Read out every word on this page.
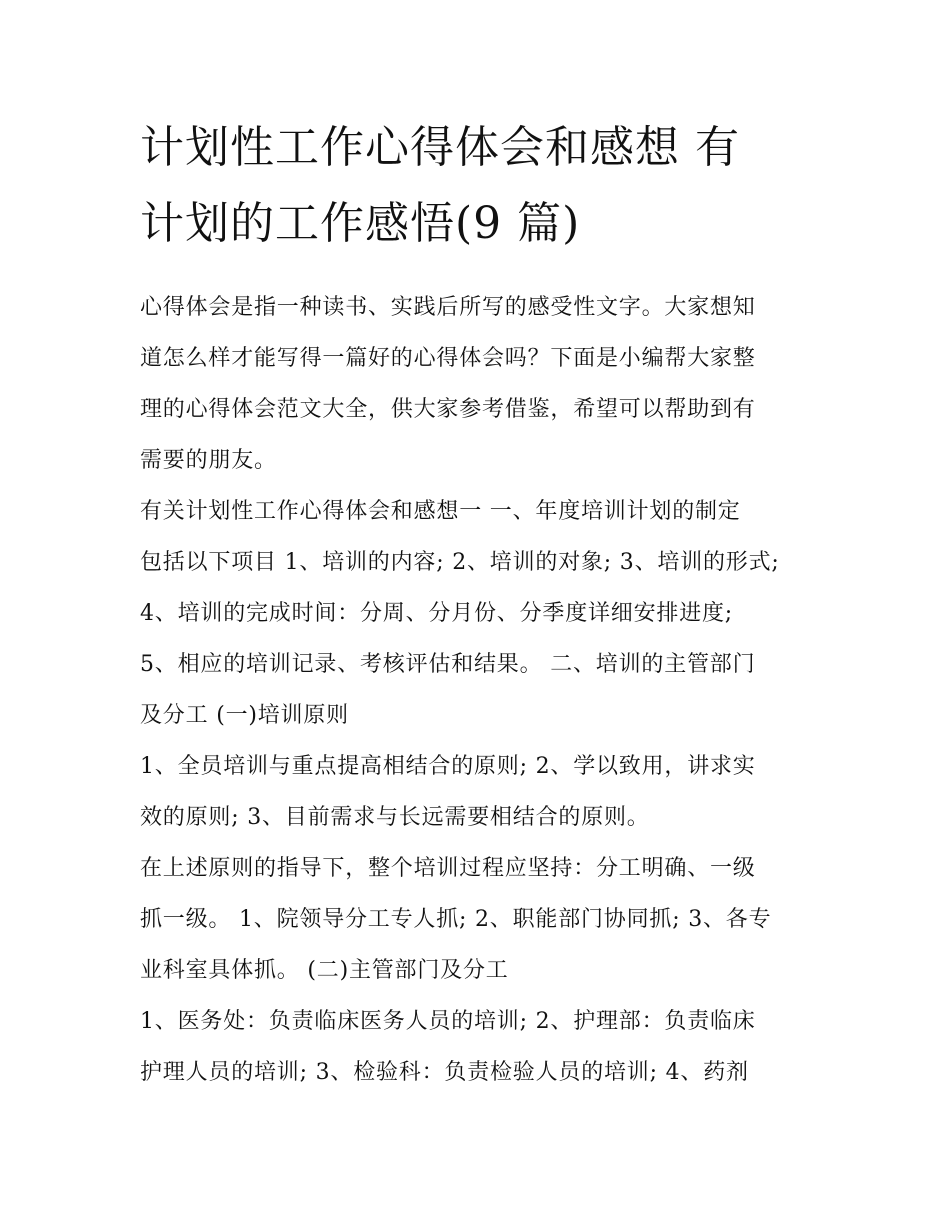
计划性工作心得体会和感想 有
计划的工作感悟(9 篇)

心得体会是指一种读书、实践后所写的感受性文字。大家想知
道怎么样才能写得一篇好的心得体会吗？下面是小编帮大家整
理的心得体会范文大全，供大家参考借鉴，希望可以帮助到有
需要的朋友。

有关计划性工作心得体会和感想一 一、年度培训计划的制定
包括以下项目 1、培训的内容; 2、培训的对象; 3、培训的形式;
4、培训的完成时间：分周、分月份、分季度详细安排进度;
5、相应的培训记录、考核评估和结果。 二、培训的主管部门
及分工 (一)培训原则

1、全员培训与重点提高相结合的原则; 2、学以致用，讲求实
效的原则; 3、目前需求与长远需要相结合的原则。

在上述原则的指导下，整个培训过程应坚持：分工明确、一级
抓一级。 1、院领导分工专人抓; 2、职能部门协同抓; 3、各专
业科室具体抓。 (二)主管部门及分工

1、医务处：负责临床医务人员的培训; 2、护理部：负责临床
护理人员的培训; 3、检验科：负责检验人员的培训; 4、药剂
